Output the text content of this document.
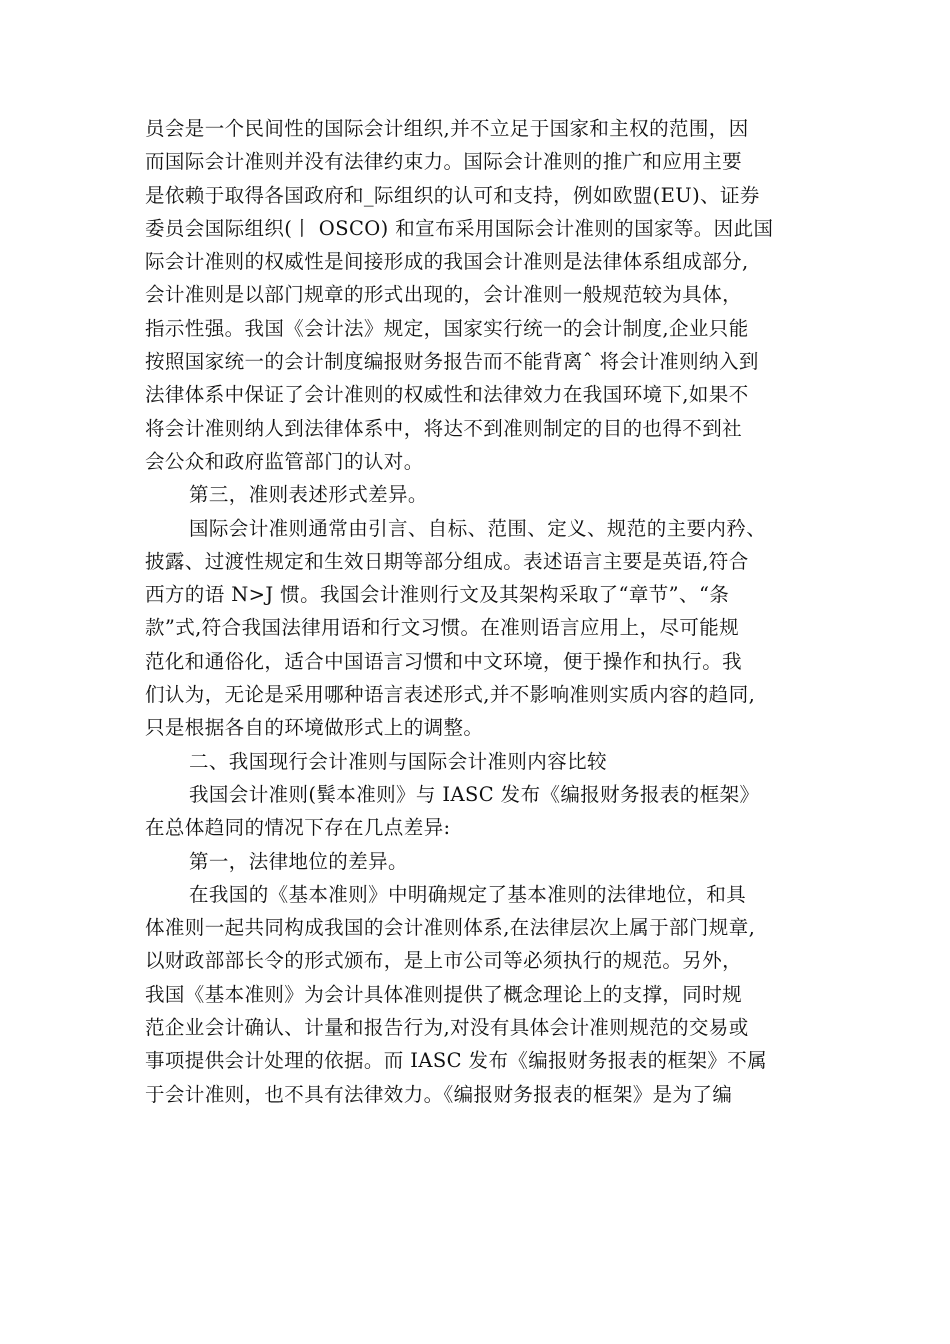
员会是一个民间性的国际会计组织,并不立足于国家和主权的范围，因
而国际会计准则并没有法律约束力。国际会计准则的推广和应用主要
是依赖于取得各国政府和_际组织的认可和支持，例如欧盟(EU)、证券
委员会国际组织(丨 OSCO) 和宣布采用国际会计准则的国家等。因此国
际会计准则的权威性是间接形成的我国会计准则是法律体系组成部分,
会计准则是以部门规章的形式出现的，会计准则一般规范较为具体，
指示性强。我国《会计法》规定，国家实行统一的会计制度,企业只能
按照国家统一的会计制度编报财务报告而不能背离ˆ 将会计准则纳入到
法律体系中保证了会计准则的权威性和法律效力在我国环境下,如果不
将会计准则纳人到法律体系中，将达不到准则制定的目的也得不到社
会公众和政府监管部门的认对。
第三，准则表述形式差异。
国际会计准则通常由引言、自标、范围、定义、规范的主要内矜、
披露、过渡性规定和生效日期等部分组成。表述语言主要是英语,符合
西方的语 N>J 惯。我国会计淮则行文及其架构采取了“章节”、“条
款”式,符合我国法律用语和行文习惯。在准则语言应用上，尽可能规
范化和通俗化，适合中国语言习惯和中文环境，便于操作和执行。我
们认为，无论是采用哪种语言表述形式,并不影响准则实质内容的趋同,
只是根据各自的环境做形式上的调整。
二、我国现行会计准则与国际会计准则内容比较
我国会计准则(髸本准则》与 IASC 发布《编报财务报表的框架》
在总体趋同的情况下存在几点差异:
第一，法律地位的差异。
在我国的《基本准则》中明确规定了基本准则的法律地位，和具
体准则一起共同构成我国的会计准则体系,在法律层次上属于部门规章,
以财政部部长令的形式颁布，是上市公司等必须执行的规范。另外，
我国《基本准则》为会计具体准则提供了概念理论上的支撑，同时规
范企业会计确认、计量和报告行为,对没有具体会计准则规范的交易或
事项提供会计处理的依据。而 IASC 发布《编报财务报表的框架》不属
于会计准则，也不具有法律效力。《编报财务报表的框架》是为了编
